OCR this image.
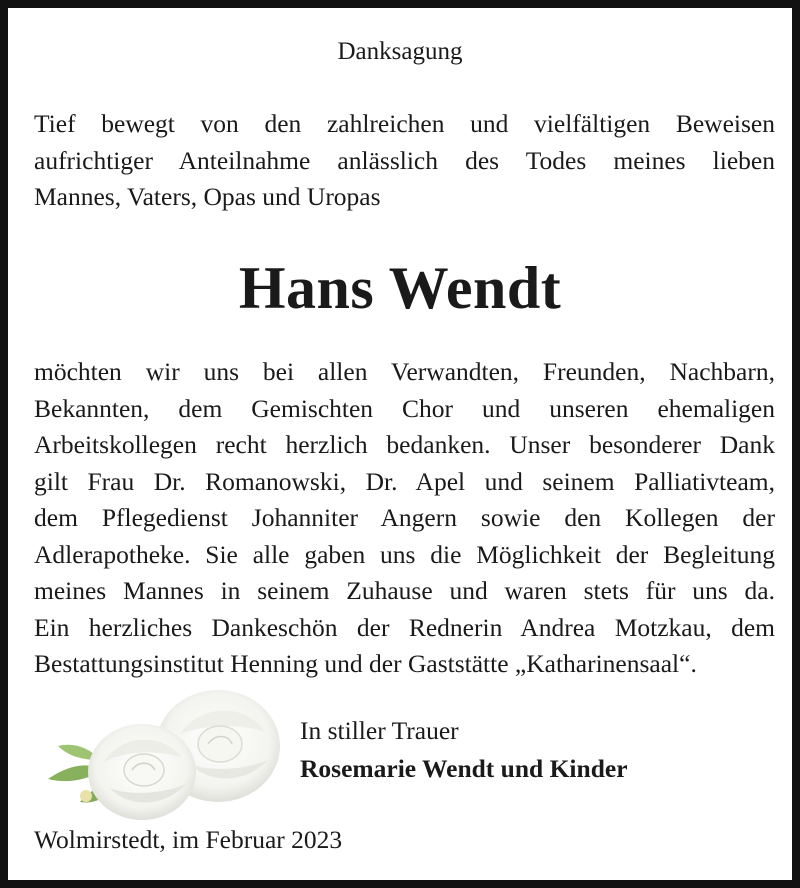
Danksagung
Tief bewegt von den zahlreichen und vielfältigen Beweisen
aufrichtiger Anteilnahme anlässlich des Todes meines lieben
Mannes, Vaters, Opas und Uropas
Hans Wendt
möchten wir uns bei allen Verwandten, Freunden, Nachbarn,
Bekannten, dem Gemischten Chor und unseren ehemaligen
Arbeitskollegen recht herzlich bedanken. Unser besonderer Dank
gilt Frau Dr. Romanowski, Dr. Apel und seinem Palliativteam,
dem Pflegedienst Johanniter Angern sowie den Kollegen der
Adlerapotheke. Sie alle gaben uns die Möglichkeit der Begleitung
meines Mannes in seinem Zuhause und waren stets für uns da.
Ein herzliches Dankeschön der Rednerin Andrea Motzkau, dem
Bestattungsinstitut Henning und der Gaststätte „Katharinensaal“.
In stiller Trauer
Rosemarie Wendt und Kinder
Wolmirstedt, im Februar 2023
